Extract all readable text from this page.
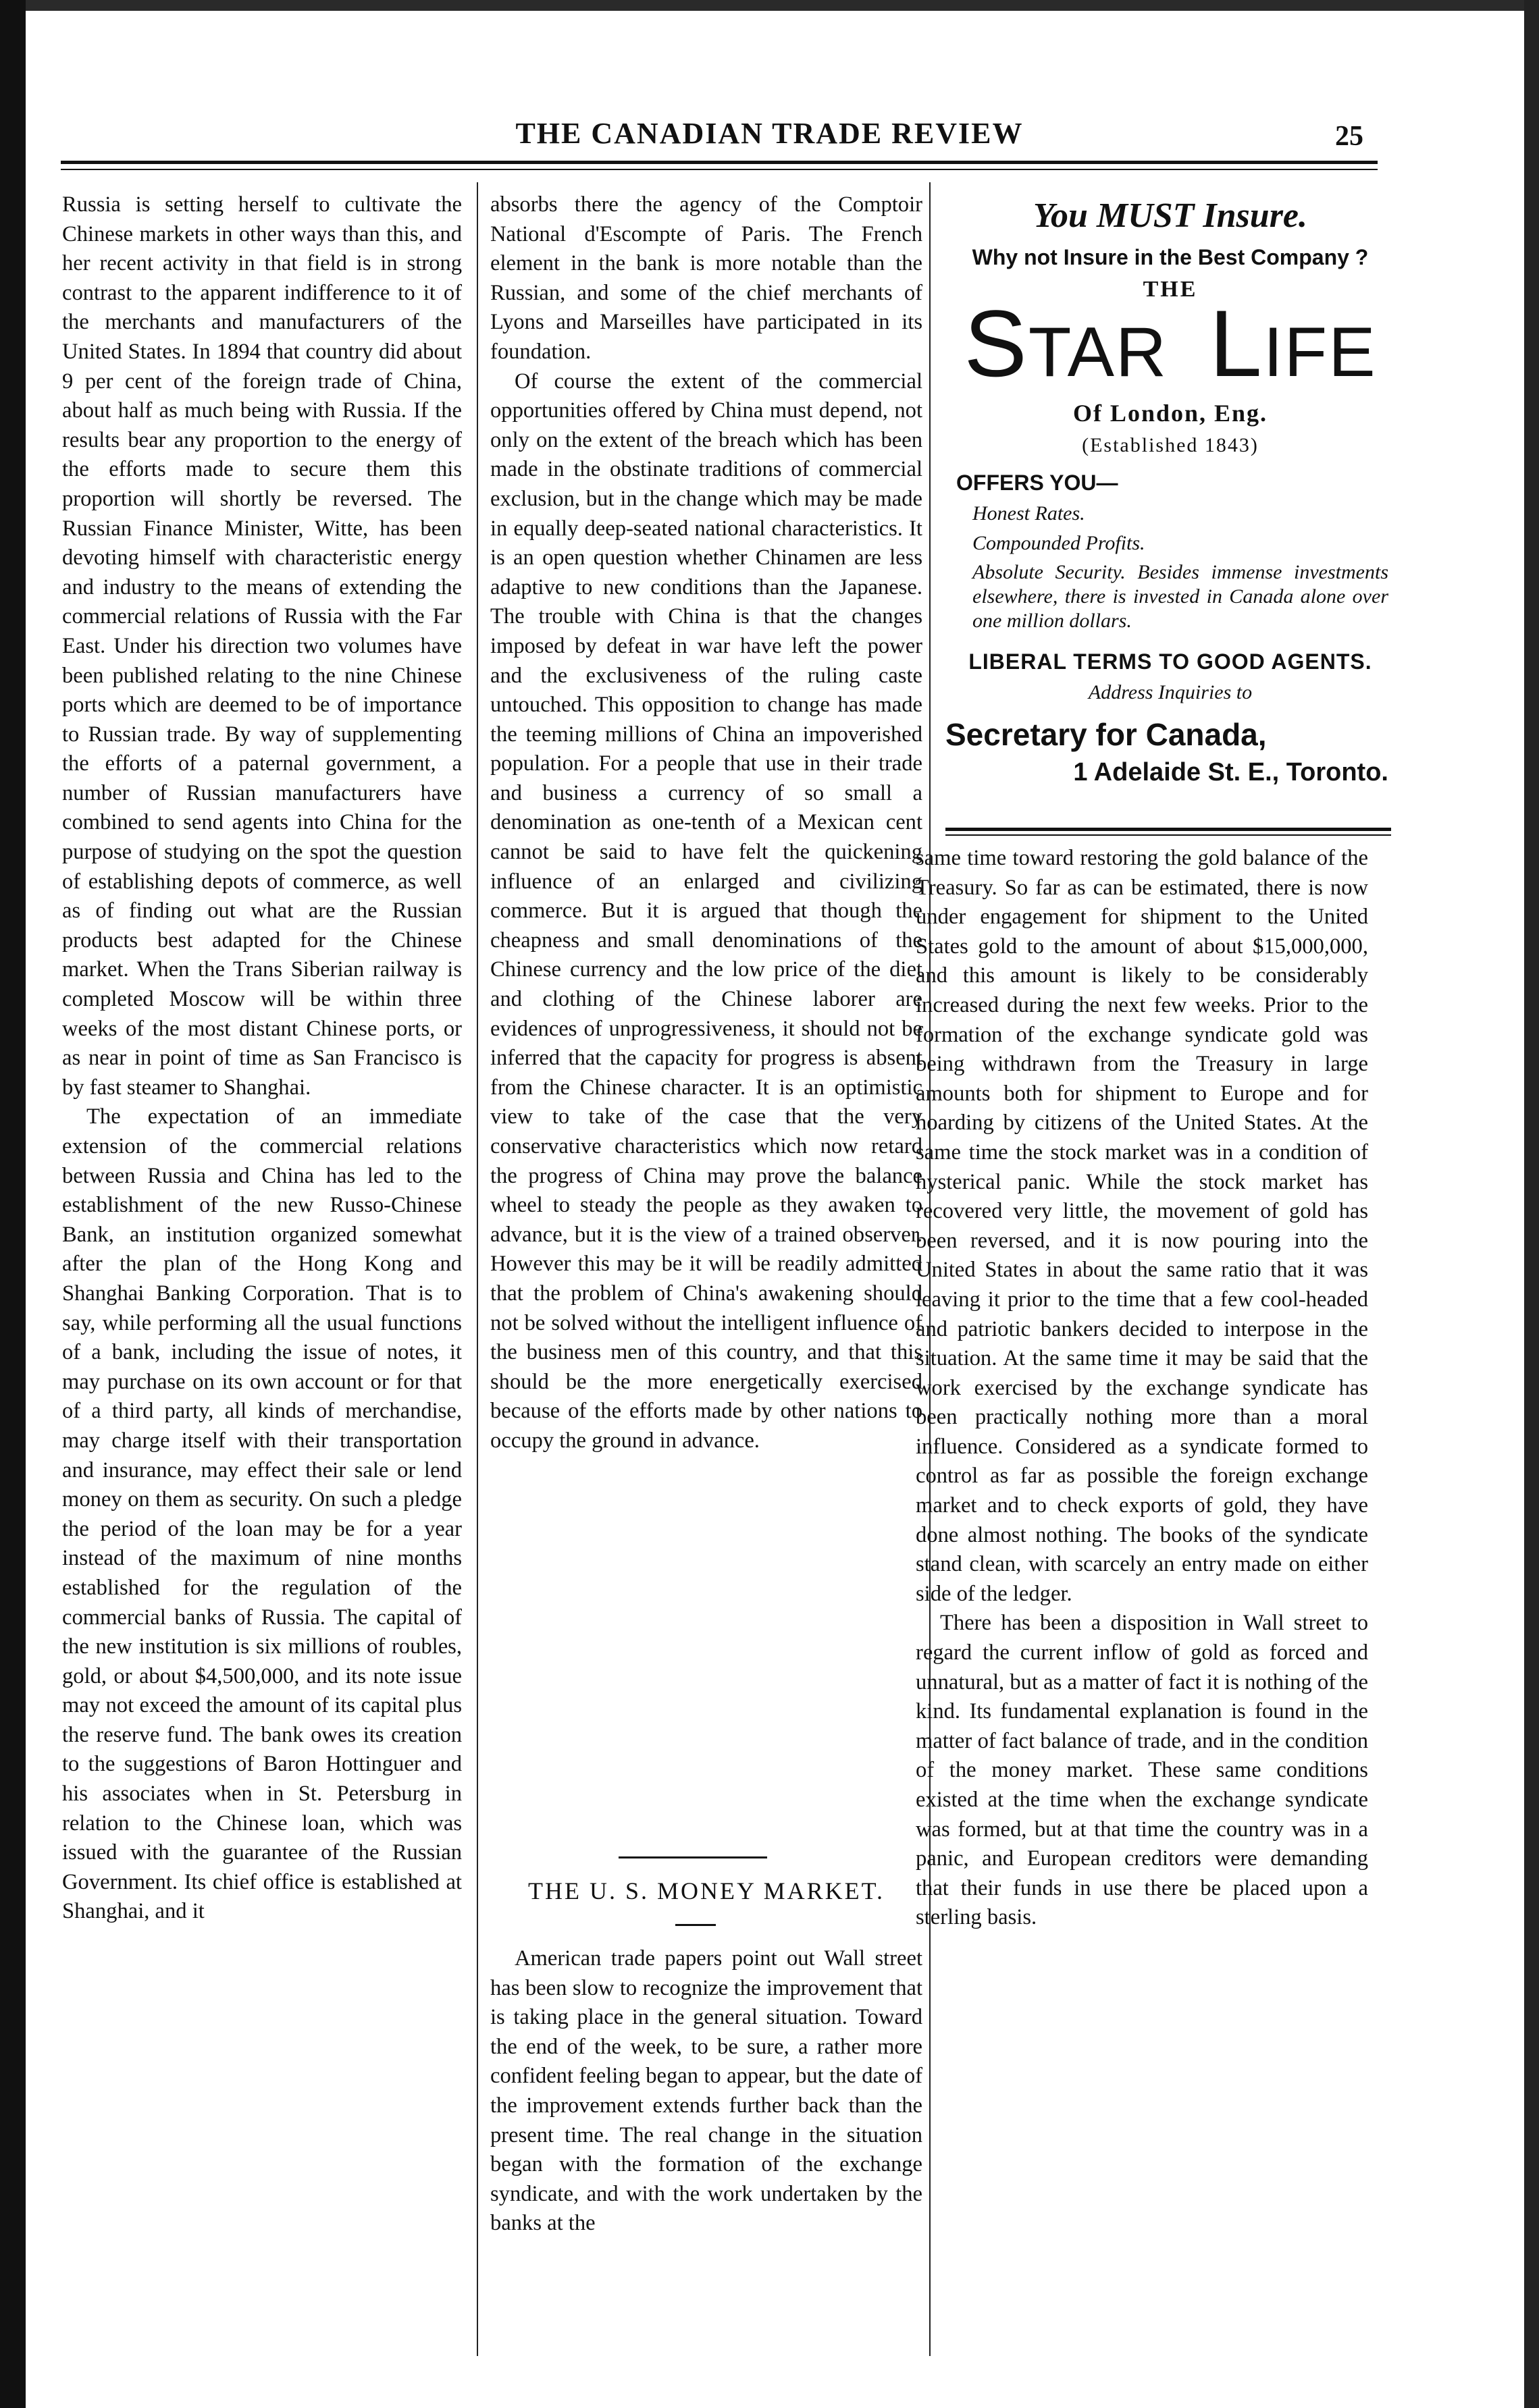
THE CANADIAN TRADE REVIEW	25

Russia is setting herself to cultivate the Chinese markets in other ways than this, and her recent activity in that field is in strong contrast to the apparent indifference to it of the merchants and manufacturers of the United States. In 1894 that country did about 9 per cent of the foreign trade of China, about half as much being with Russia. If the results bear any proportion to the energy of the efforts made to secure them this proportion will shortly be reversed. The Russian Finance Minister, Witte, has been devoting himself with characteristic energy and industry to the means of extending the commercial relations of Russia with the Far East. Under his direction two volumes have been published relating to the nine Chinese ports which are deemed to be of importance to Russian trade. By way of supplementing the efforts of a paternal government, a number of Russian manufacturers have combined to send agents into China for the purpose of studying on the spot the question of establishing depots of commerce, as well as of finding out what are the Russian products best adapted for the Chinese market. When the Trans Siberian railway is completed Moscow will be within three weeks of the most distant Chinese ports, or as near in point of time as San Francisco is by fast steamer to Shanghai.

The expectation of an immediate extension of the commercial relations between Russia and China has led to the establishment of the new Russo-Chinese Bank, an institution organized somewhat after the plan of the Hong Kong and Shanghai Banking Corporation. That is to say, while performing all the usual functions of a bank, including the issue of notes, it may purchase on its own account or for that of a third party, all kinds of merchandise, may charge itself with their transportation and insurance, may effect their sale or lend money on them as security. On such a pledge the period of the loan may be for a year instead of the maximum of nine months established for the regulation of the commercial banks of Russia. The capital of the new institution is six millions of roubles, gold, or about $4,500,000, and its note issue may not exceed the amount of its capital plus the reserve fund. The bank owes its creation to the suggestions of Baron Hottinguer and his associates when in St. Petersburg in relation to the Chinese loan, which was issued with the guarantee of the Russian Government. Its chief office is established at Shanghai, and it

absorbs there the agency of the Comptoir National d'Escompte of Paris. The French element in the bank is more notable than the Russian, and some of the chief merchants of Lyons and Marseilles have participated in its foundation.

Of course the extent of the commercial opportunities offered by China must depend, not only on the extent of the breach which has been made in the obstinate traditions of commercial exclusion, but in the change which may be made in equally deep-seated national characteristics. It is an open question whether Chinamen are less adaptive to new conditions than the Japanese. The trouble with China is that the changes imposed by defeat in war have left the power and the exclusiveness of the ruling caste untouched. This opposition to change has made the teeming millions of China an impoverished population. For a people that use in their trade and business a currency of so small a denomination as one-tenth of a Mexican cent cannot be said to have felt the quickening influence of an enlarged and civilizing commerce. But it is argued that though the cheapness and small denominations of the Chinese currency and the low price of the diet and clothing of the Chinese laborer are evidences of unprogressiveness, it should not be inferred that the capacity for progress is absent from the Chinese character. It is an optimistic view to take of the case that the very conservative characteristics which now retard the progress of China may prove the balance wheel to steady the people as they awaken to advance, but it is the view of a trained observer. However this may be it will be readily admitted that the problem of China's awakening should not be solved without the intelligent influence of the business men of this country, and that this should be the more energetically exercised because of the efforts made by other nations to occupy the ground in advance.

THE U. S. MONEY MARKET.

American trade papers point out Wall street has been slow to recognize the improvement that is taking place in the general situation. Toward the end of the week, to be sure, a rather more confident feeling began to appear, but the date of the improvement extends further back than the present time. The real change in the situation began with the formation of the exchange syndicate, and with the work undertaken by the banks at the

You MUST Insure.
Why not Insure in the Best Company ?
THE
STAR LIFE
Of London, Eng.
(Established 1843)
OFFERS YOU—
Honest Rates.
Compounded Profits.
Absolute Security. Besides immense investments elsewhere, there is invested in Canada alone over one million dollars.
LIBERAL TERMS TO GOOD AGENTS.
Address Inquiries to
Secretary for Canada,
1 Adelaide St. E., Toronto.

same time toward restoring the gold balance of the Treasury. So far as can be estimated, there is now under engagement for shipment to the United States gold to the amount of about $15,000,000, and this amount is likely to be considerably increased during the next few weeks. Prior to the formation of the exchange syndicate gold was being withdrawn from the Treasury in large amounts both for shipment to Europe and for hoarding by citizens of the United States. At the same time the stock market was in a condition of hysterical panic. While the stock market has recovered very little, the movement of gold has been reversed, and it is now pouring into the United States in about the same ratio that it was leaving it prior to the time that a few cool-headed and patriotic bankers decided to interpose in the situation. At the same time it may be said that the work exercised by the exchange syndicate has been practically nothing more than a moral influence. Considered as a syndicate formed to control as far as possible the foreign exchange market and to check exports of gold, they have done almost nothing. The books of the syndicate stand clean, with scarcely an entry made on either side of the ledger.

There has been a disposition in Wall street to regard the current inflow of gold as forced and unnatural, but as a matter of fact it is nothing of the kind. Its fundamental explanation is found in the matter of fact balance of trade, and in the condition of the money market. These same conditions existed at the time when the exchange syndicate was formed, but at that time the country was in a panic, and European creditors were demanding that their funds in use there be placed upon a sterling basis.
